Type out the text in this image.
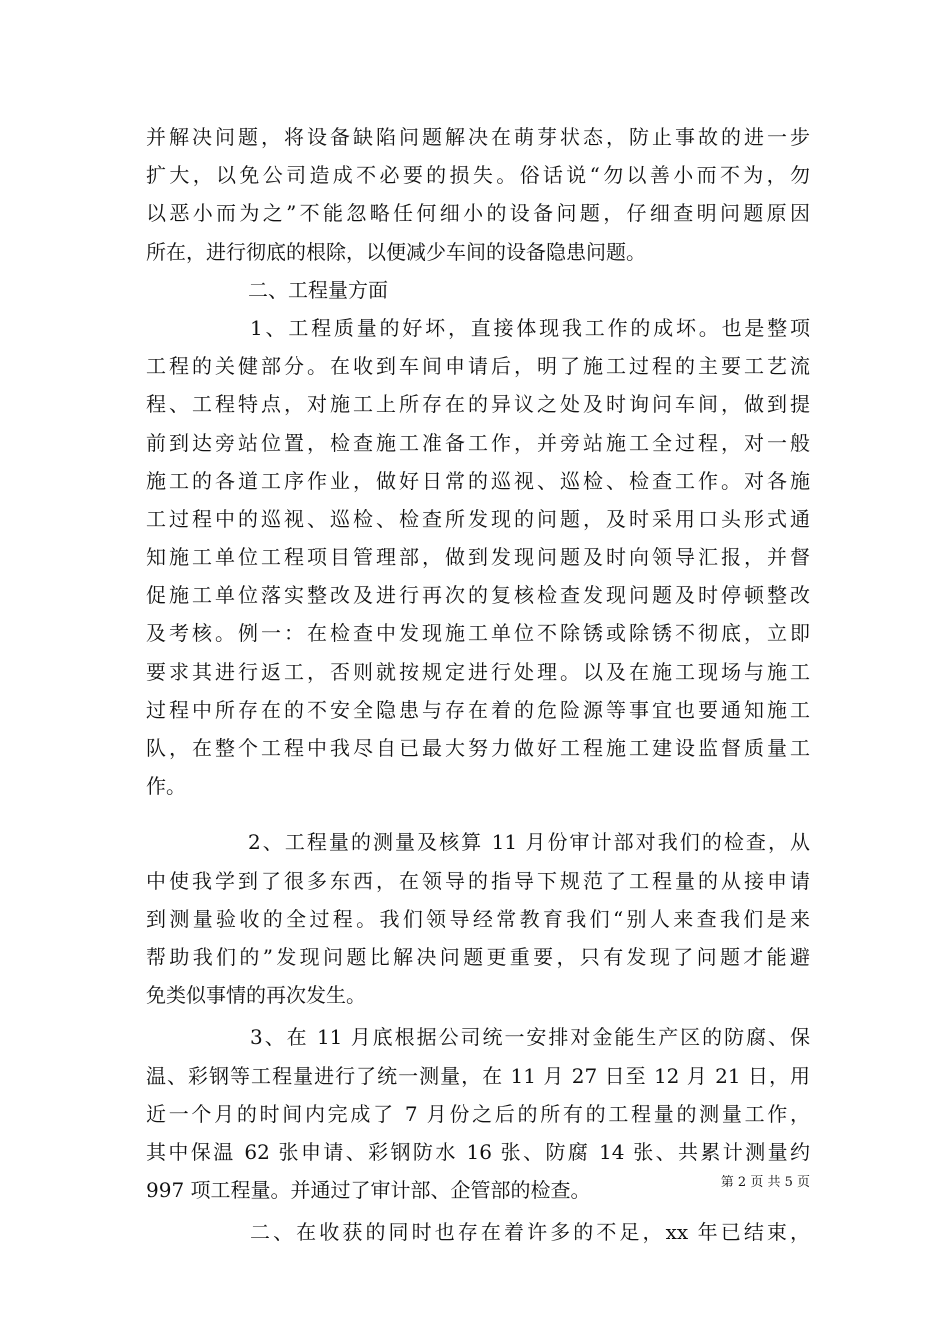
并解决问题，将设备缺陷问题解决在萌芽状态，防止事故的进一步
扩大，以免公司造成不必要的损失。俗话说“勿以善小而不为，勿
以恶小而为之”不能忽略任何细小的设备问题，仔细查明问题原因
所在，进行彻底的根除，以便减少车间的设备隐患问题。
二、工程量方面
1、工程质量的好坏，直接体现我工作的成坏。也是整项
工程的关健部分。在收到车间申请后，明了施工过程的主要工艺流
程、工程特点，对施工上所存在的异议之处及时询问车间，做到提
前到达旁站位置，检查施工准备工作，并旁站施工全过程，对一般
施工的各道工序作业，做好日常的巡视、巡检、检查工作。对各施
工过程中的巡视、巡检、检查所发现的问题，及时采用口头形式通
知施工单位工程项目管理部，做到发现问题及时向领导汇报，并督
促施工单位落实整改及进行再次的复核检查发现问题及时停顿整改
及考核。例一：在检查中发现施工单位不除锈或除锈不彻底，立即
要求其进行返工，否则就按规定进行处理。以及在施工现场与施工
过程中所存在的不安全隐患与存在着的危险源等事宜也要通知施工
队，在整个工程中我尽自已最大努力做好工程施工建设监督质量工
作。
2、工程量的测量及核算 11 月份审计部对我们的检查，从
中使我学到了很多东西，在领导的指导下规范了工程量的从接申请
到测量验收的全过程。我们领导经常教育我们“别人来查我们是来
帮助我们的”发现问题比解决问题更重要，只有发现了问题才能避
免类似事情的再次发生。
3、在 11 月底根据公司统一安排对金能生产区的防腐、保
温、彩钢等工程量进行了统一测量，在 11 月 27 日至 12 月 21 日，用
近一个月的时间内完成了 7 月份之后的所有的工程量的测量工作，
其中保温 62 张申请、彩钢防水 16 张、防腐 14 张、共累计测量约
997 项工程量。并通过了审计部、企管部的检查。
二、在收获的同时也存在着许多的不足，xx 年已结束，
第 2 页 共 5 页
